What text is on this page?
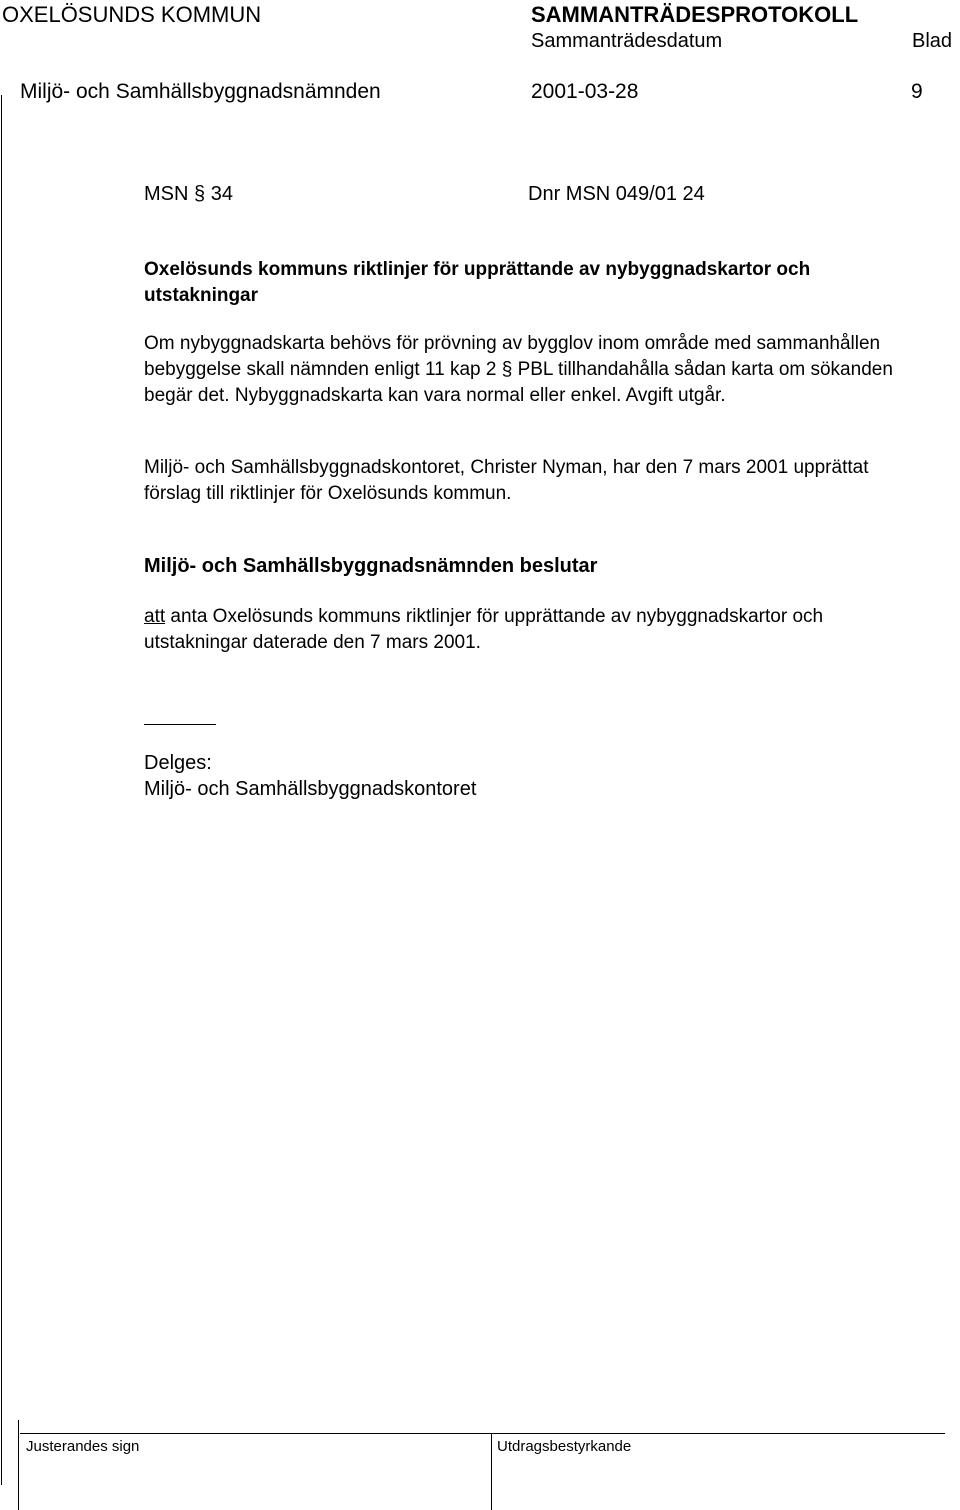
OXELÖSUNDS KOMMUN	SAMMANTRÄDESPROTOKOLL
Sammanträdesdatum	Blad
Miljö- och Samhällsbyggnadsnämnden	2001-03-28	9
MSN § 34	Dnr MSN 049/01 24
Oxelösunds kommuns riktlinjer för upprättande av nybyggnadskartor och utstakningar
Om nybyggnadskarta behövs för prövning av bygglov inom område med sammanhållen bebyggelse skall nämnden enligt 11 kap 2 § PBL tillhandahålla sådan karta om sökanden begär det. Nybyggnadskarta kan vara normal eller enkel. Avgift utgår.
Miljö- och Samhällsbyggnadskontoret, Christer Nyman, har den 7 mars 2001 upprättat förslag till riktlinjer för Oxelösunds kommun.
Miljö- och Samhällsbyggnadsnämnden beslutar
att anta Oxelösunds kommuns riktlinjer för upprättande av nybyggnadskartor och utstakningar daterade den 7 mars 2001.
Delges:
Miljö- och Samhällsbyggnadskontoret
Justerandes sign	Utdragsbestyrkande
